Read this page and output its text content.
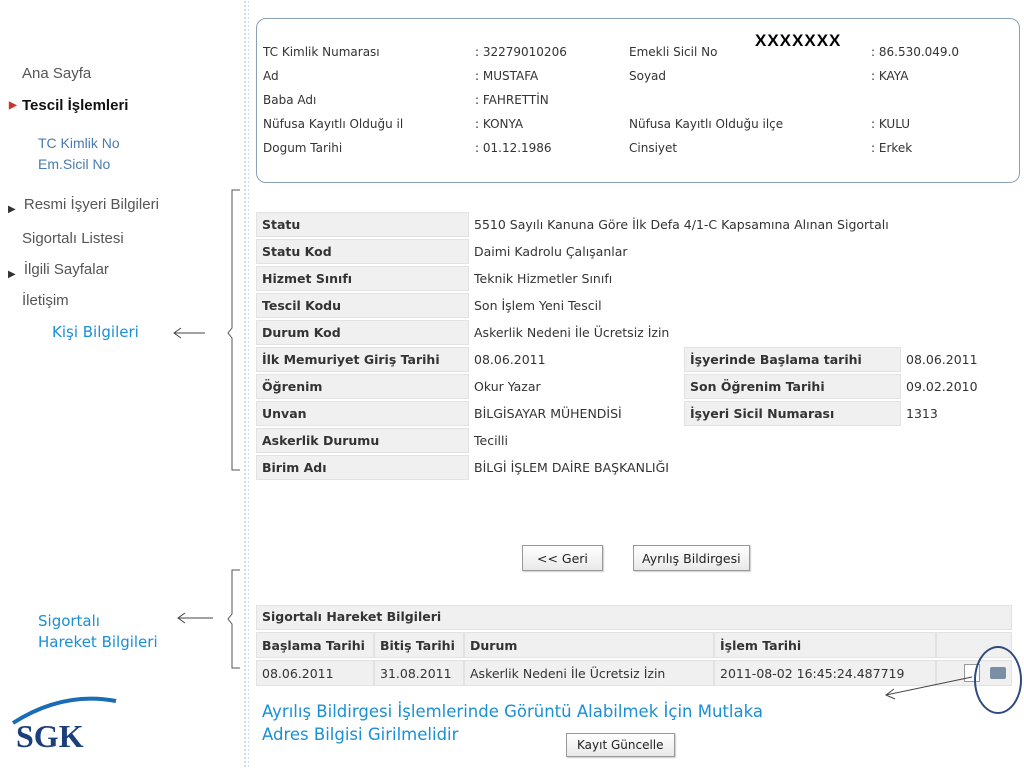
Ana Sayfa
▶ Tescil İşlemleri
TC Kimlik No
Em.Sicil No
$_▶$ Resmi İşyeri Bilgileri
Sigortalı Listesi
$_▶$ İlgili Sayfalar
İletişim
Kişi Bilgileri
Sigortalı
Hareket Bilgileri
SGK
XXXXXXX
TC Kimlik Numarası	: 32279010206	Emekli Sicil No	: 86.530.049.0
Ad	: MUSTAFA	Soyad	: KAYA
Baba Adı	: FAHRETTİN
Nüfusa Kayıtlı Olduğu il	: KONYA	Nüfusa Kayıtlı Olduğu ilçe	: KULU
Dogum Tarihi	: 01.12.1986	Cinsiyet	: Erkek
Statu	5510 Sayılı Kanuna Göre İlk Defa 4/1-C Kapsamına Alınan Sigortalı		
Statu Kod	Daimi Kadrolu Çalışanlar		
Hizmet Sınıfı	Teknik Hizmetler Sınıfı		
Tescil Kodu	Son İşlem Yeni Tescil		
Durum Kod	Askerlik Nedeni İle Ücretsiz İzin		
İlk Memuriyet Giriş Tarihi	08.06.2011	İşyerinde Başlama tarihi	08.06.2011
Öğrenim	Okur Yazar	Son Öğrenim Tarihi	09.02.2010
Unvan	BİLGİSAYAR MÜHENDİSİ	İşyeri Sicil Numarası	1313
Askerlik Durumu	Tecilli		
Birim Adı	BİLGİ İŞLEM DAİRE BAŞKANLIĞI		
<< Geri	Ayrılış Bildirgesi
Sigortalı Hareket Bilgileri
Başlama Tarihi	Bitiş Tarihi	Durum	İşlem Tarihi	
08.06.2011	31.08.2011	Askerlik Nedeni İle Ücretsiz İzin	2011-08-02 16:45:24.487719	
Ayrılış Bildirgesi İşlemlerinde Görüntü Alabilmek İçin Mutlaka
Adres Bilgisi Girilmelidir
Kayıt Güncelle
